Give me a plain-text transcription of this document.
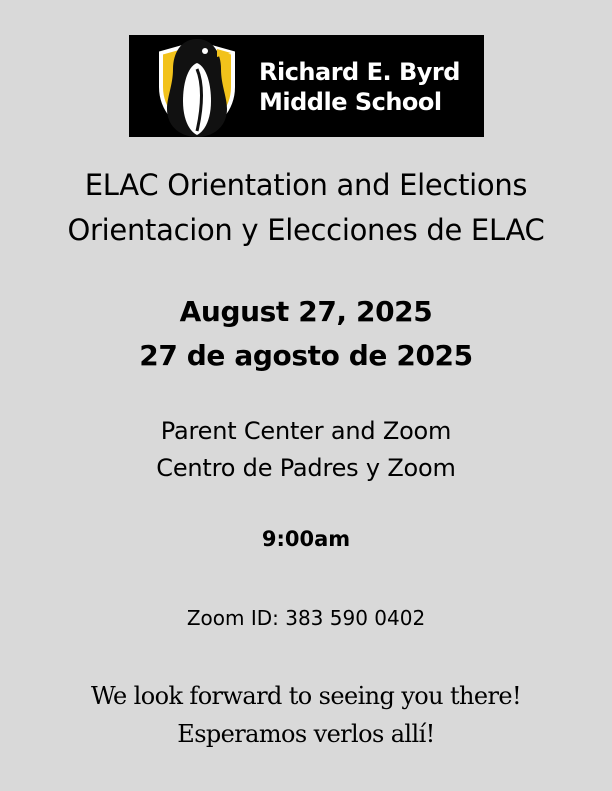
Richard E. Byrd
Middle School
ELAC Orientation and Elections
Orientacion y Elecciones de ELAC
August 27, 2025
27 de agosto de 2025
Parent Center and Zoom
Centro de Padres y Zoom
9:00am
Zoom ID: 383 590 0402
We look forward to seeing you there!
Esperamos verlos allí!
